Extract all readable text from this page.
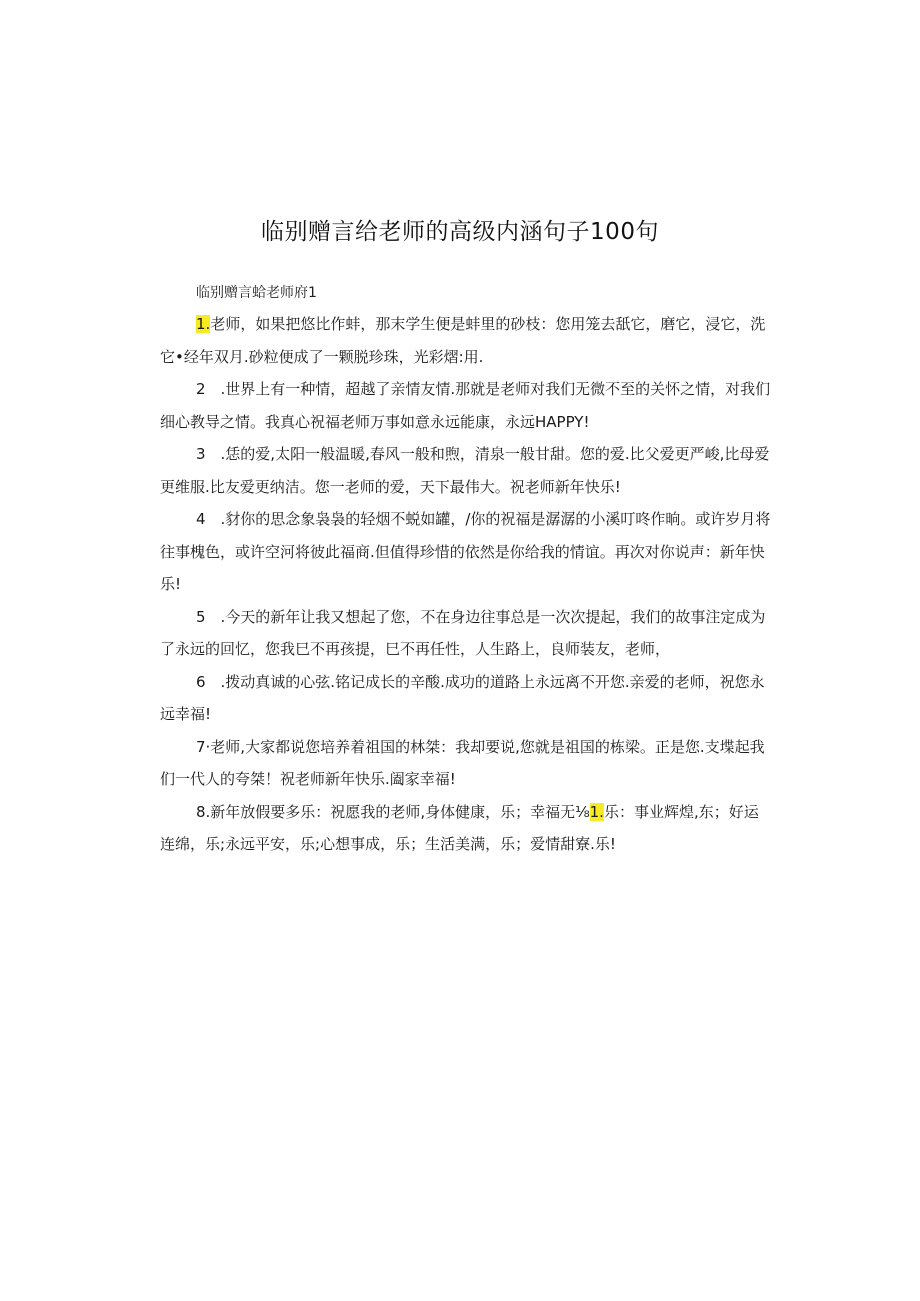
临别赠言给老师的高级内涵句子100句
临别赠言蛤老师府1

1.老师，如果把悠比作蚌，那末学生便是蚌里的砂枝：您用笼去舐它，磨它，浸它，洗它•经年双月.砂粒便成了一颗脱珍珠，光彩熠:用.

2　.世界上有一种情，超越了亲情友情.那就是老师对我们无微不至的关怀之情，对我们细心教导之情。我真心祝福老师万事如意永远能康，永远HAPPY!

3　.恁的爱,太阳一般温暖,春风一般和煦，清泉一般甘甜。您的爱.比父爱更严峻,比母爱更维服.比友爱更纳洁。您一老师的爱，天下最伟大。祝老师新年快乐!

4　.豺你的思念象袅袅的轻烟不蜕如罐，/你的祝福是潺潺的小溪叮咚作晌。或许岁月将往事槐色，或许空河将彼此福商.但值得珍惜的依然是你给我的情谊。再次对你说声：新年快乐!

5　.今天的新年让我又想起了您，不在身边往事总是一次次提起，我们的故事注定成为了永远的回忆，您我巳不再孩提，巳不再任性，人生路上，良师装友，老师，

6　.拨动真诚的心弦.铭记成长的辛酸.成功的道路上永远离不开您.亲爱的老师，祝您永远幸福!

7·老师,大家都说您培养着祖国的林桀：我却要说,您就是祖国的栋梁。正是您.支堞起我们一代人的夸桀！祝老师新年快乐.阖家幸福!

8.新年放假要多乐：祝愿我的老师,身体健康，乐；幸福无⅛1.乐：事业辉煌,东；好运连绵，乐;永远平安，乐;心想事成，乐；生活美满，乐；爱情甜寮.乐!
